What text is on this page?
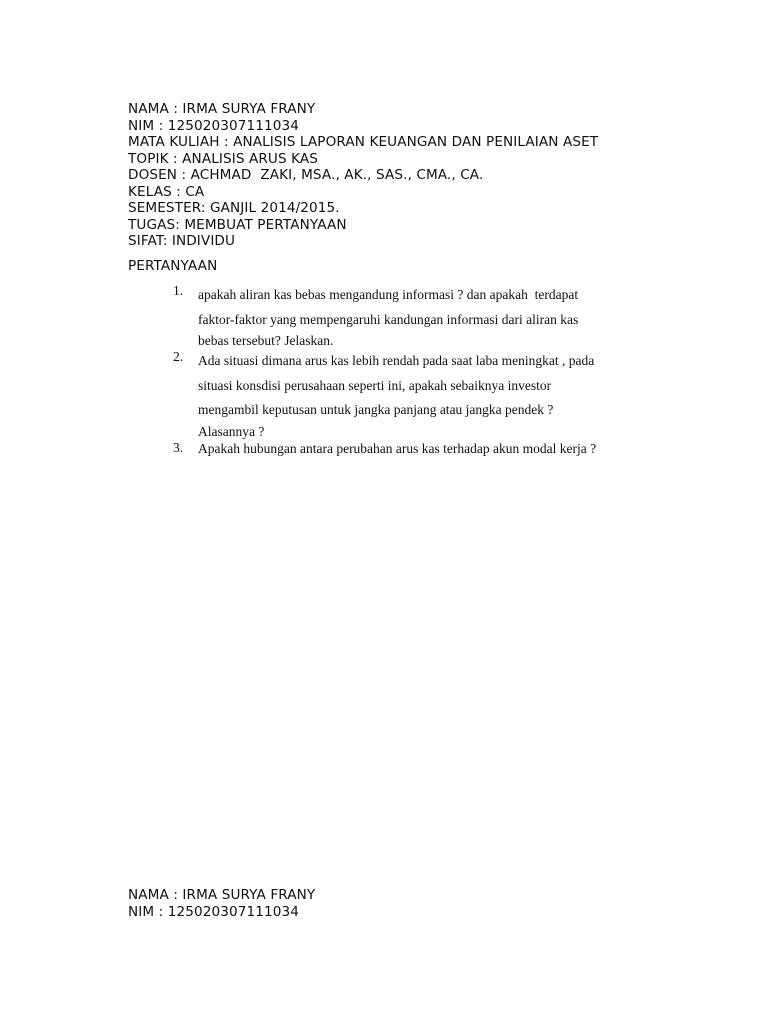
NAMA : IRMA SURYA FRANY
NIM : 125020307111034
MATA KULIAH : ANALISIS LAPORAN KEUANGAN DAN PENILAIAN ASET
TOPIK : ANALISIS ARUS KAS
DOSEN : ACHMAD  ZAKI, MSA., AK., SAS., CMA., CA.
KELAS : CA
SEMESTER: GANJIL 2014/2015.
TUGAS: MEMBUAT PERTANYAAN
SIFAT: INDIVIDU
PERTANYAAN
1. apakah aliran kas bebas mengandung informasi ? dan apakah  terdapat
faktor-faktor yang mempengaruhi kandungan informasi dari aliran kas
bebas tersebut? Jelaskan.
2. Ada situasi dimana arus kas lebih rendah pada saat laba meningkat , pada
situasi konsdisi perusahaan seperti ini, apakah sebaiknya investor
mengambil keputusan untuk jangka panjang atau jangka pendek ?
Alasannya ?
3. Apakah hubungan antara perubahan arus kas terhadap akun modal kerja ?
NAMA : IRMA SURYA FRANY
NIM : 125020307111034
